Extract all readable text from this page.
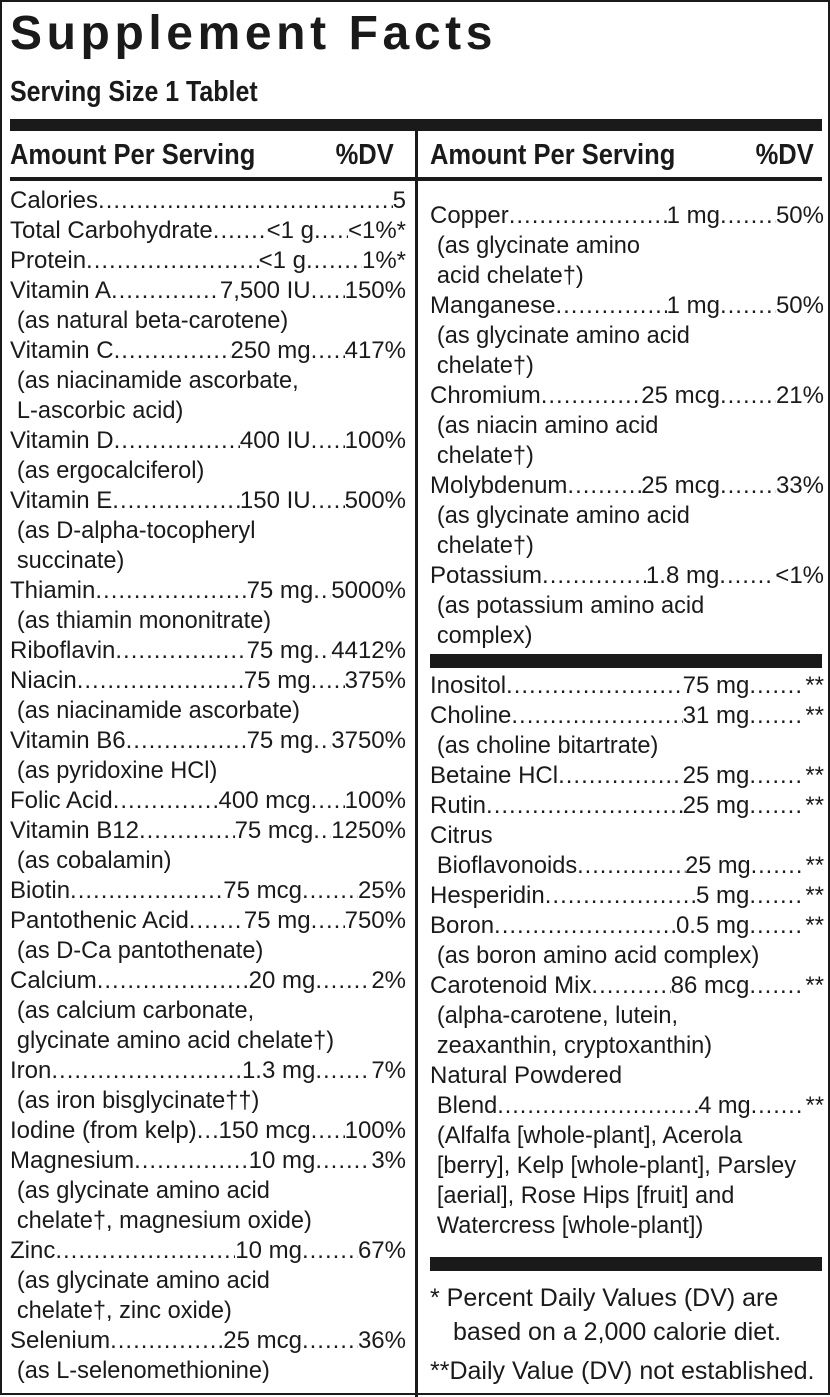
Supplement Facts
Serving Size 1 Tablet
Amount Per Serving	%DV Amount Per Serving	%DV
Calories .....	5
Total Carbohydrate ..... <1 g ..... <1%*
Protein .....	<1 g ..... 1%*
Vitamin A .....	7,500 IU ..... 150%
(as natural beta-carotene)
Vitamin C .....	250 mg ..... 417%
(as niacinamide ascorbate,
L-ascorbic acid)
Vitamin D .....	400 IU ..... 100%
(as ergocalciferol)
Vitamin E .....	150 IU ..... 500%
(as D-alpha-tocopheryl
succinate)
Thiamin .....	75 mg ..... 5000%
(as thiamin mononitrate)
Riboflavin .....	75 mg ..... 4412%
Niacin .....	75 mg ..... 375%
(as niacinamide ascorbate)
Vitamin B6 .....	75 mg ..... 3750%
(as pyridoxine HCl)
Folic Acid .....	400 mcg ..... 100%
Vitamin B12 .....	75 mcg ..... 1250%
(as cobalamin)
Biotin .....	75 mcg ..... 25%
Pantothenic Acid ..... 75 mg ..... 750%
(as D-Ca pantothenate)
Calcium .....	20 mg ..... 2%
(as calcium carbonate,
glycinate amino acid chelate†)
Iron .....	1.3 mg ..... 7%
(as iron bisglycinate††)
Iodine (from kelp) ..... 150 mcg ..... 100%
Magnesium .....	10 mg ..... 3%
(as glycinate amino acid
chelate†, magnesium oxide)
Zinc .....	10 mg ..... 67%
(as glycinate amino acid
chelate†, zinc oxide)
Selenium .....	25 mcg ..... 36%
(as L-selenomethionine)
Copper .....	1 mg ..... 50%
(as glycinate amino
acid chelate†)
Manganese .....	1 mg ..... 50%
(as glycinate amino acid
chelate†)
Chromium .....	25 mcg ..... 21%
(as niacin amino acid
chelate†)
Molybdenum .....	25 mcg ..... 33%
(as glycinate amino acid
chelate†)
Potassium .....	1.8 mg ..... <1%
(as potassium amino acid
complex)
Inositol .....	75 mg ..... **
Choline .....	31 mg ..... **
(as choline bitartrate)
Betaine HCl .....	25 mg ..... **
Rutin .....	25 mg ..... **
Citrus
Bioflavonoids .....	25 mg ..... **
Hesperidin .....	5 mg ..... **
Boron .....	0.5 mg ..... **
(as boron amino acid complex)
Carotenoid Mix .....	86 mcg ..... **
(alpha-carotene, lutein,
zeaxanthin, cryptoxanthin)
Natural Powdered
Blend .....	4 mg ..... **
(Alfalfa [whole-plant], Acerola
[berry], Kelp [whole-plant], Parsley
[aerial], Rose Hips [fruit] and
Watercress [whole-plant])
* Percent Daily Values (DV) are
based on a 2,000 calorie diet.
**Daily Value (DV) not established.
